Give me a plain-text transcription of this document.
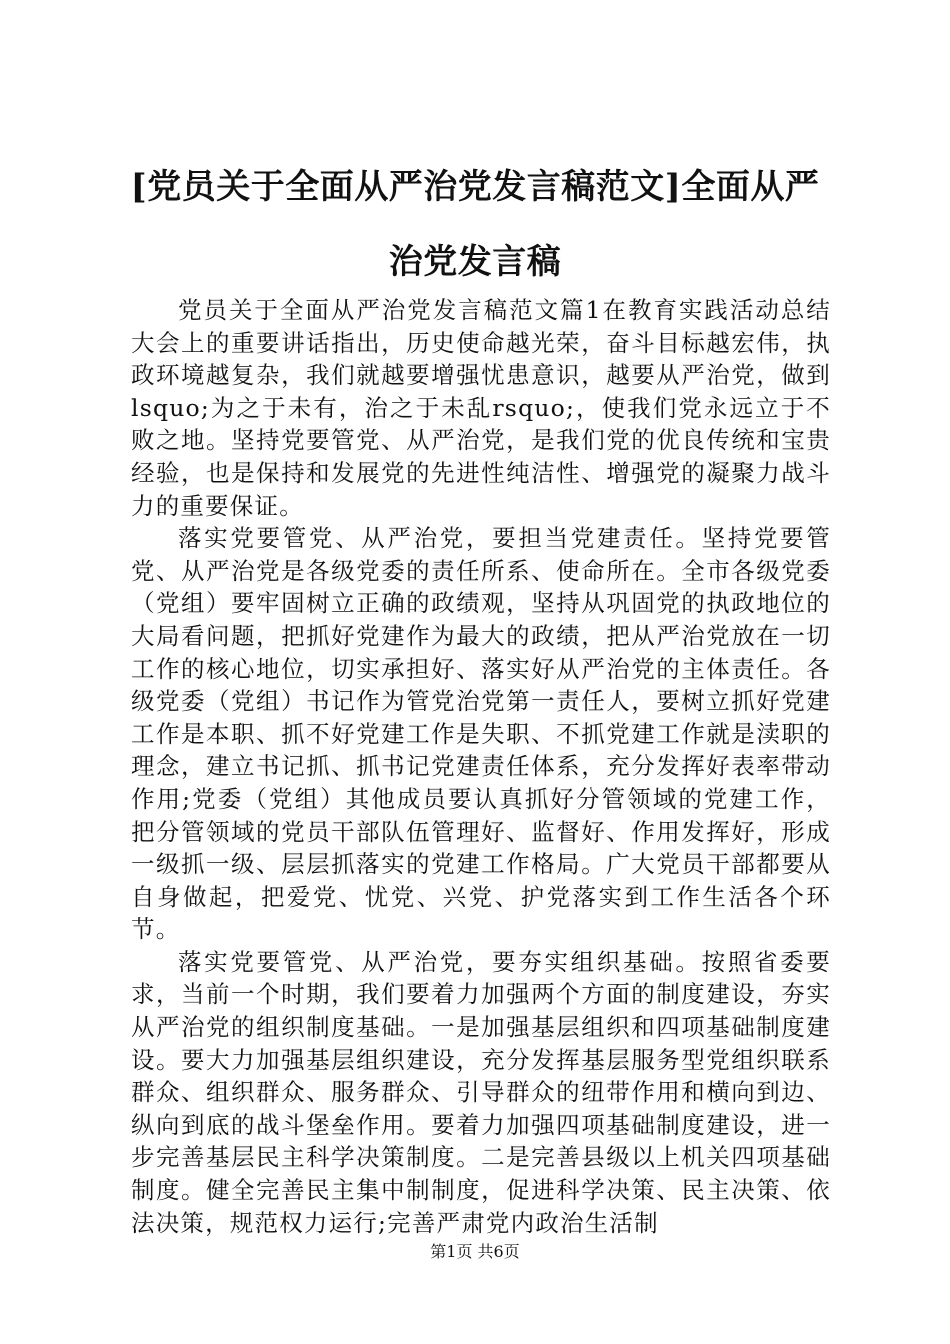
[党员关于全面从严治党发言稿范文]全面从严治党发言稿

党员关于全面从严治党发言稿范文篇1在教育实践活动总结大会上的重要讲话指出，历史使命越光荣，奋斗目标越宏伟，执政环境越复杂，我们就越要增强忧患意识，越要从严治党，做到lsquo;为之于未有，治之于未乱rsquo;，使我们党永远立于不败之地。坚持党要管党、从严治党，是我们党的优良传统和宝贵经验，也是保持和发展党的先进性纯洁性、增强党的凝聚力战斗力的重要保证。

落实党要管党、从严治党，要担当党建责任。坚持党要管党、从严治党是各级党委的责任所系、使命所在。全市各级党委（党组）要牢固树立正确的政绩观，坚持从巩固党的执政地位的大局看问题，把抓好党建作为最大的政绩，把从严治党放在一切工作的核心地位，切实承担好、落实好从严治党的主体责任。各级党委（党组）书记作为管党治党第一责任人，要树立抓好党建工作是本职、抓不好党建工作是失职、不抓党建工作就是渎职的理念，建立书记抓、抓书记党建责任体系，充分发挥好表率带动作用;党委（党组）其他成员要认真抓好分管领域的党建工作，把分管领域的党员干部队伍管理好、监督好、作用发挥好，形成一级抓一级、层层抓落实的党建工作格局。广大党员干部都要从自身做起，把爱党、忧党、兴党、护党落实到工作生活各个环节。

落实党要管党、从严治党，要夯实组织基础。按照省委要求，当前一个时期，我们要着力加强两个方面的制度建设，夯实从严治党的组织制度基础。一是加强基层组织和四项基础制度建设。要大力加强基层组织建设，充分发挥基层服务型党组织联系群众、组织群众、服务群众、引导群众的纽带作用和横向到边、纵向到底的战斗堡垒作用。要着力加强四项基础制度建设，进一步完善基层民主科学决策制度。二是完善县级以上机关四项基础制度。健全完善民主集中制制度，促进科学决策、民主决策、依法决策，规范权力运行;完善严肃党内政治生活制

第1页 共6页
